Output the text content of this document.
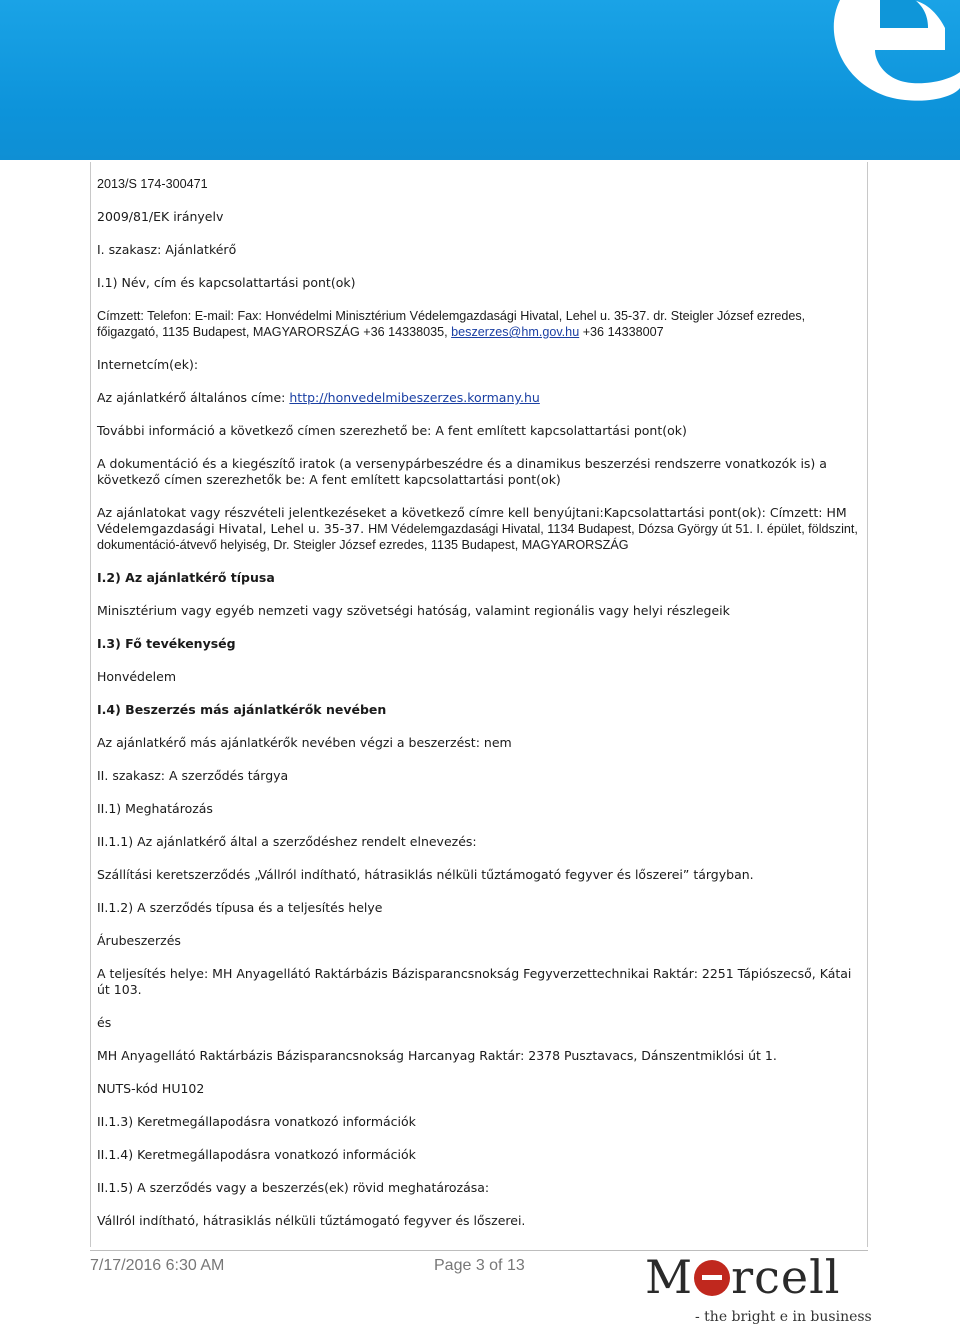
2013/S 174-300471

2009/81/EK irányelv

I. szakasz: Ajánlatkérő

I.1) Név, cím és kapcsolattartási pont(ok)

Címzett: Telefon: E-mail: Fax: Honvédelmi Minisztérium Védelemgazdasági Hivatal, Lehel u. 35-37. dr. Steigler József ezredes, főigazgató, 1135 Budapest, MAGYARORSZÁG +36 14338035, beszerzes@hm.gov.hu +36 14338007

Internetcím(ek):

Az ajánlatkérő általános címe: http://honvedelmibeszerzes.kormany.hu

További információ a következő címen szerezhető be: A fent említett kapcsolattartási pont(ok)

A dokumentáció és a kiegészítő iratok (a versenypárbeszédre és a dinamikus beszerzési rendszerre vonatkozók is) a következő címen szerezhetők be: A fent említett kapcsolattartási pont(ok)

Az ajánlatokat vagy részvételi jelentkezéseket a következő címre kell benyújtani:Kapcsolattartási pont(ok): Címzett: HM Védelemgazdasági Hivatal, Lehel u. 35-37. HM Védelemgazdasági Hivatal, 1134 Budapest, Dózsa György út 51. I. épület, földszint, dokumentáció-átvevő helyiség, Dr. Steigler József ezredes, 1135 Budapest, MAGYARORSZÁG

I.2) Az ajánlatkérő típusa

Minisztérium vagy egyéb nemzeti vagy szövetségi hatóság, valamint regionális vagy helyi részlegeik

I.3) Fő tevékenység

Honvédelem

I.4) Beszerzés más ajánlatkérők nevében

Az ajánlatkérő más ajánlatkérők nevében végzi a beszerzést: nem

II. szakasz: A szerződés tárgya

II.1) Meghatározás

II.1.1) Az ajánlatkérő által a szerződéshez rendelt elnevezés:

Szállítási keretszerződés „Vállról indítható, hátrasiklás nélküli tűztámogató fegyver és lőszerei” tárgyban.

II.1.2) A szerződés típusa és a teljesítés helye

Árubeszerzés

A teljesítés helye: MH Anyagellátó Raktárbázis Bázisparancsnokság Fegyverzettechnikai Raktár: 2251 Tápiószecső, Kátai út 103.

és

MH Anyagellátó Raktárbázis Bázisparancsnokság Harcanyag Raktár: 2378 Pusztavacs, Dánszentmiklósi út 1.

NUTS-kód HU102

II.1.3) Keretmegállapodásra vonatkozó információk

II.1.4) Keretmegállapodásra vonatkozó információk

II.1.5) A szerződés vagy a beszerzés(ek) rövid meghatározása:

Vállról indítható, hátrasiklás nélküli tűztámogató fegyver és lőszerei.

7/17/2016 6:30 AM	Page 3 of 13	M rcell
- the bright e in business
